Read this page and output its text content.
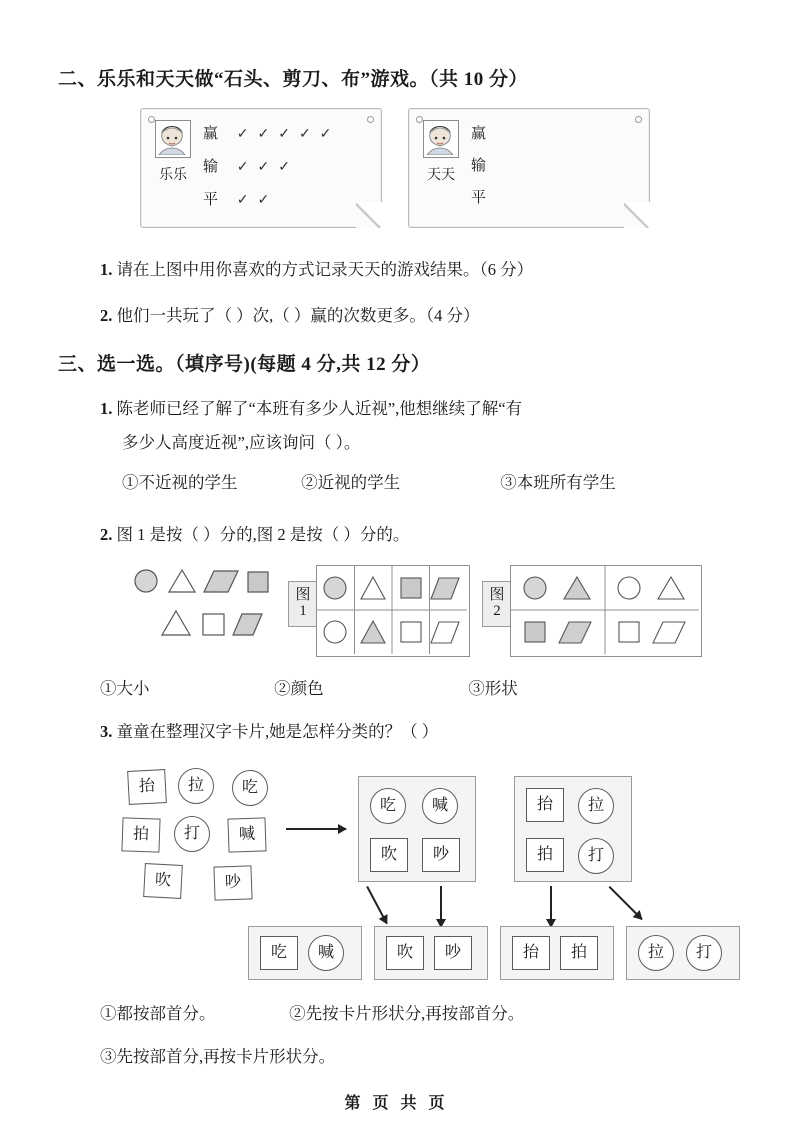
二、乐乐和天天做“石头、剪刀、布”游戏。（共 10 分）
乐乐
赢 ✓✓✓✓✓
输 ✓✓✓
平 ✓✓
天天
赢
输
平
1. 请在上图中用你喜欢的方式记录天天的游戏结果。（6 分）
2. 他们一共玩了（ ）次,（ ）赢的次数更多。（4 分）
三、选一选。（填序号)(每题 4 分,共 12 分）
1. 陈老师已经了解了“本班有多少人近视”,他想继续了解“有
多少人高度近视”,应该询问（ ）。
①不近视的学生	②近视的学生	③本班所有学生
2. 图 1 是按（ ）分的,图 2 是按（ ）分的。
图 1
图 2
①大小	②颜色	③形状
3. 童童在整理汉字卡片,她是怎样分类的？（ ）
抬	拉	吃
拍	打	喊
吹	吵
吃	喊
吹	吵
抬	拉
拍	打
吃	喊	吹	吵	抬	拍	拉	打
①都按部首分。	②先按卡片形状分,再按部首分。
③先按部首分,再按卡片形状分。
第 页 共 页
